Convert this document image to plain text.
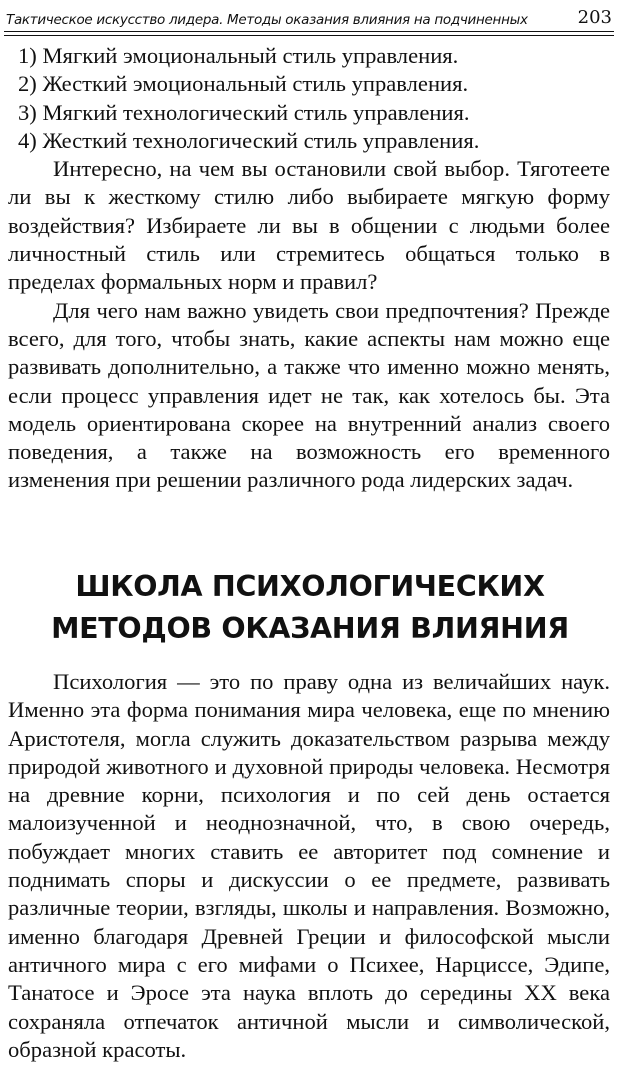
Тактическое искусство лидера. Методы оказания влияния на подчиненных	203

1) Мягкий эмоциональный стиль управления.

2) Жесткий эмоциональный стиль управления.

3) Мягкий технологический стиль управления.

4) Жесткий технологический стиль управления.

Интересно, на чем вы остановили свой выбор. Тяготеете ли вы к жесткому стилю либо выбираете мягкую форму воздействия? Избираете ли вы в общении с людьми более личностный стиль или стремитесь общаться только в пределах формальных норм и правил?

Для чего нам важно увидеть свои предпочтения? Прежде всего, для того, чтобы знать, какие аспекты нам можно еще развивать дополнительно, а также что именно можно менять, если процесс управления идет не так, как хотелось бы. Эта модель ориентирована скорее на внутренний анализ своего поведения, а также на возможность его временного изменения при решении различного рода лидерских задач.

ШКОЛА ПСИХОЛОГИЧЕСКИХ
МЕТОДОВ ОКАЗАНИЯ ВЛИЯНИЯ

Психология — это по праву одна из величайших наук. Именно эта форма понимания мира человека, еще по мнению Аристотеля, могла служить доказательством разрыва между природой животного и духовной природы человека. Несмотря на древние корни, психология и по сей день остается малоизученной и неоднозначной, что, в свою очередь, побуждает многих ставить ее авторитет под сомнение и поднимать споры и дискуссии о ее предмете, развивать различные теории, взгляды, школы и направления. Возможно, именно благодаря Древней Греции и философской мысли античного мира с его мифами о Психее, Нарциссе, Эдипе, Танатосе и Эросе эта наука вплоть до середины XX века сохраняла отпечаток античной мысли и символической, образной красоты.
